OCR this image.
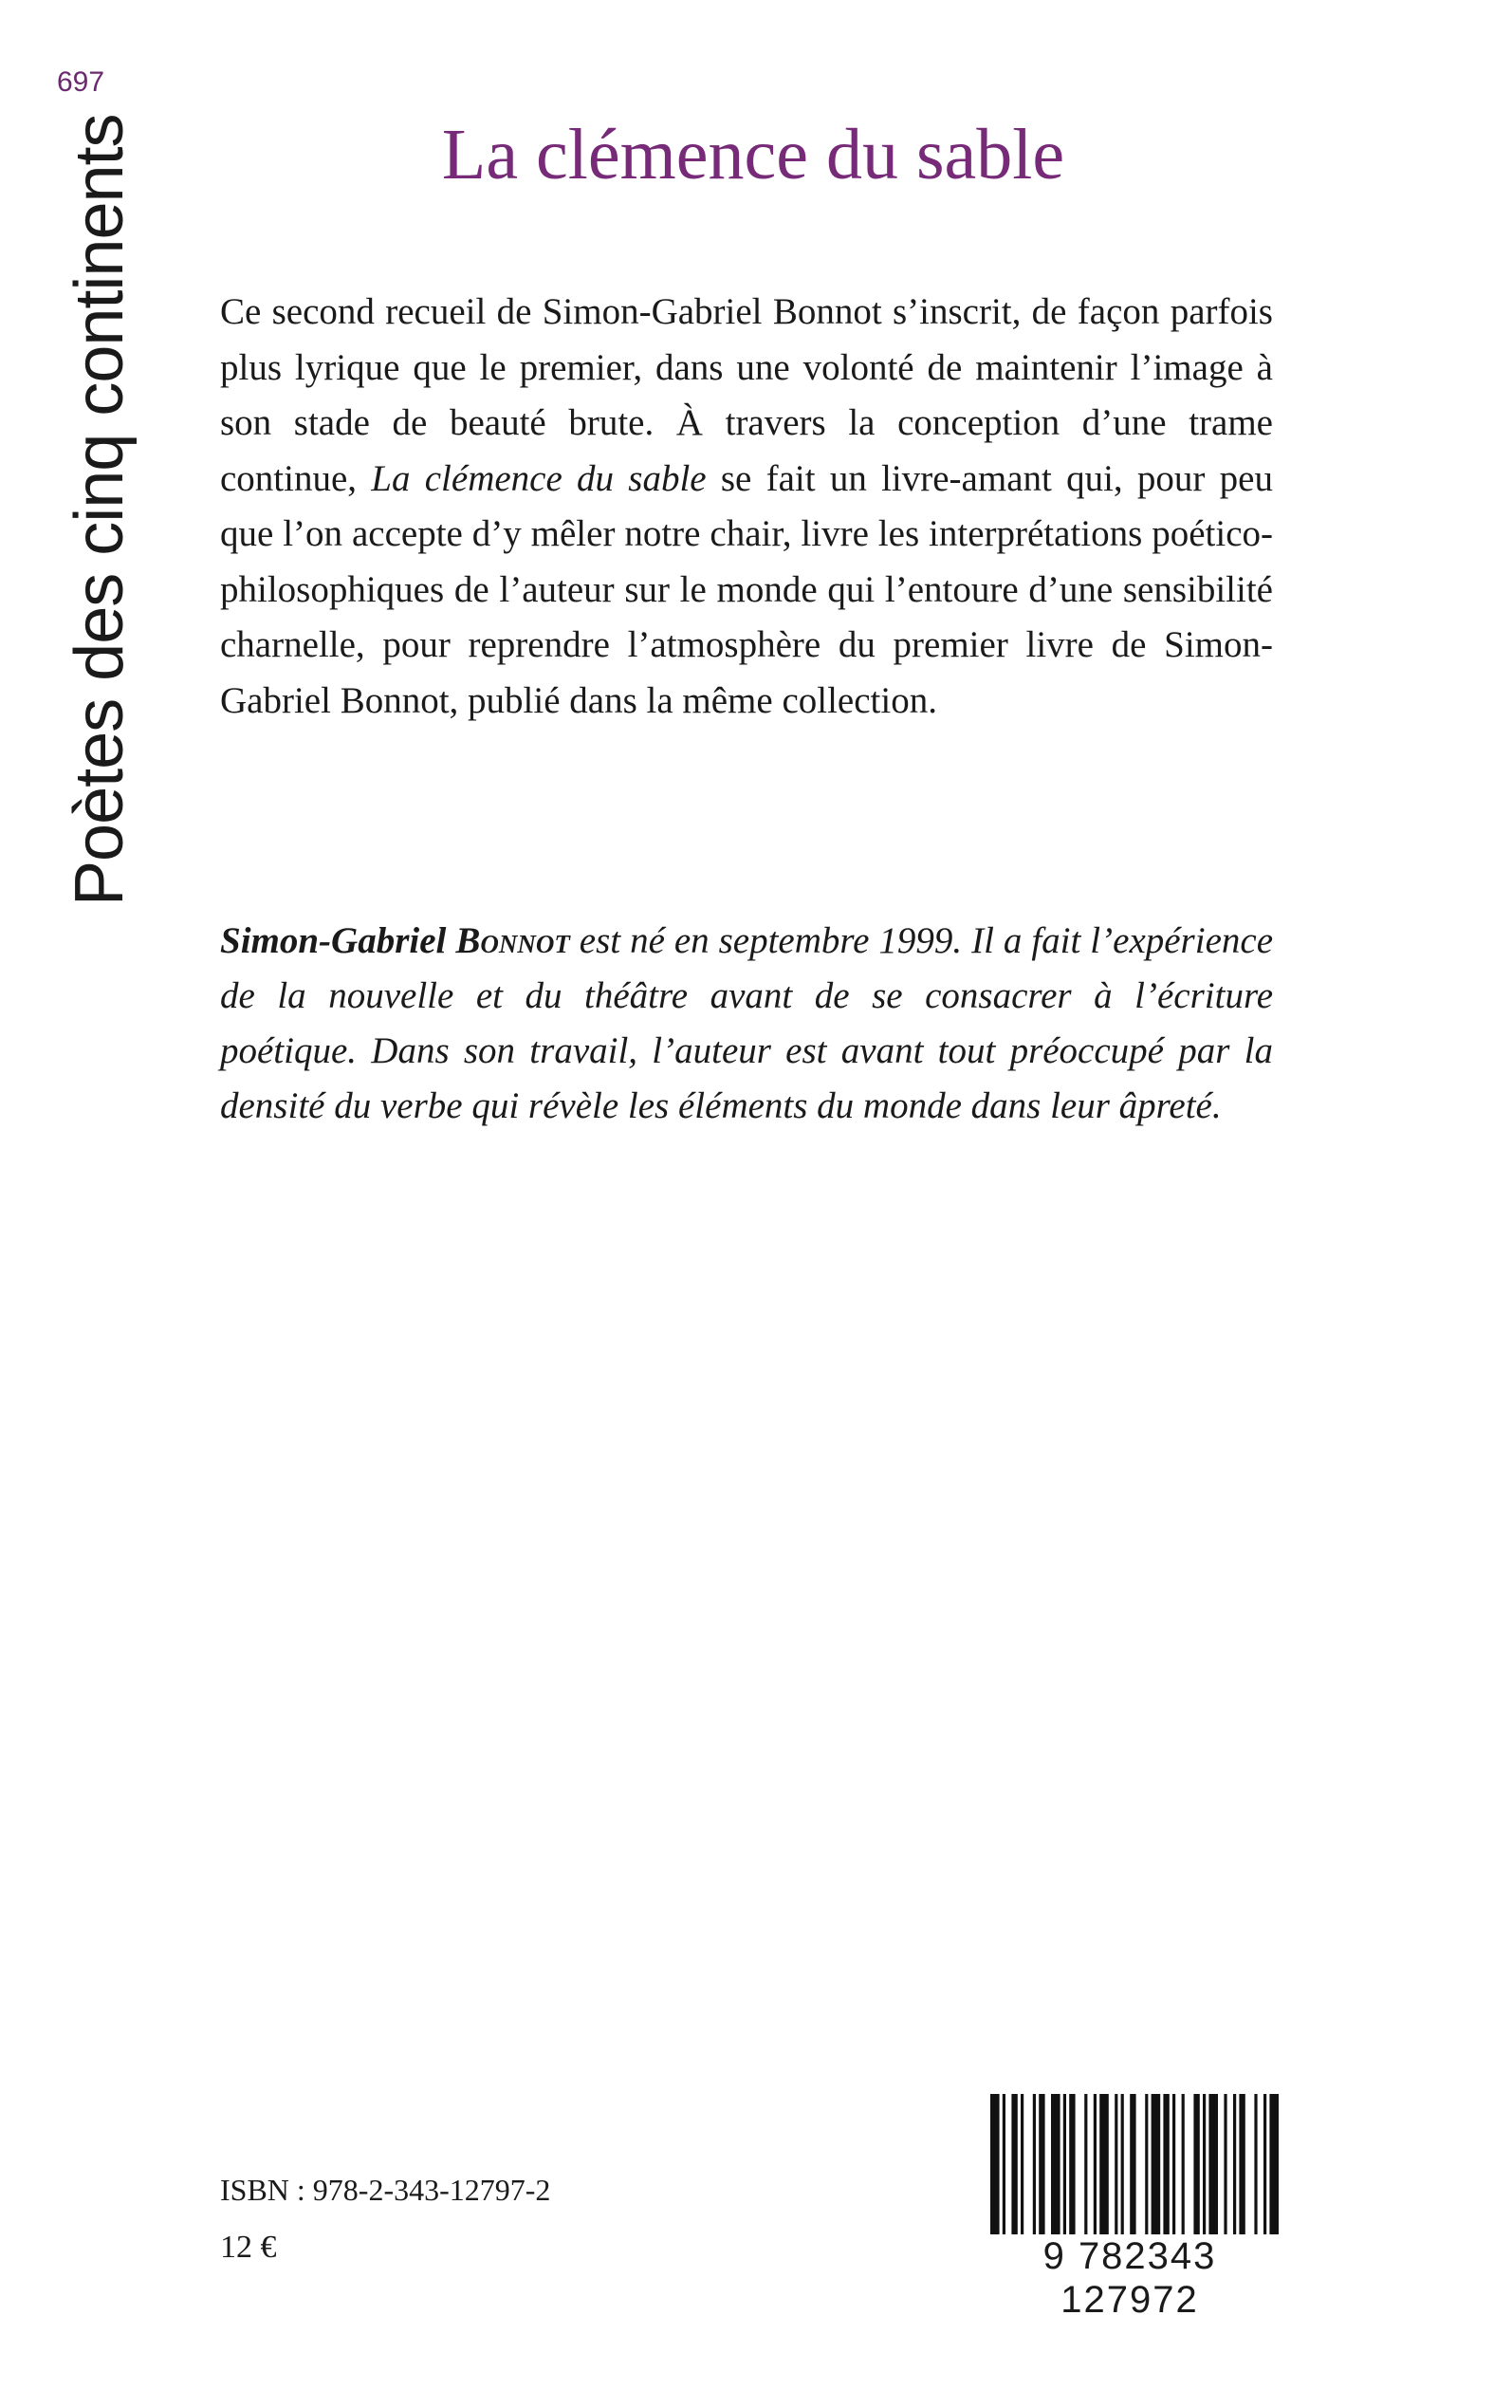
697
Poètes des cinq continents	La clémence du sable

Ce second recueil de Simon-Gabriel Bonnot s’inscrit, de façon parfois plus lyrique que le premier, dans une volonté de maintenir l’image à son stade de beauté brute. À travers la conception d’une trame continue, La clémence du sable se fait un livre-amant qui, pour peu que l’on accepte d’y mêler notre chair, livre les interprétations poético-philosophiques de l’auteur sur le monde qui l’entoure d’une sensibilité charnelle, pour reprendre l’atmosphère du premier livre de Simon-Gabriel Bonnot, publié dans la même collection.

Simon-Gabriel Bonnot est né en septembre 1999. Il a fait l’expérience de la nouvelle et du théâtre avant de se consacrer à l’écriture poétique. Dans son travail, l’auteur est avant tout préoccupé par la densité du verbe qui révèle les éléments du monde dans leur âpreté.

ISBN : 978-2-343-12797-2
12 €	9 782343 127972
